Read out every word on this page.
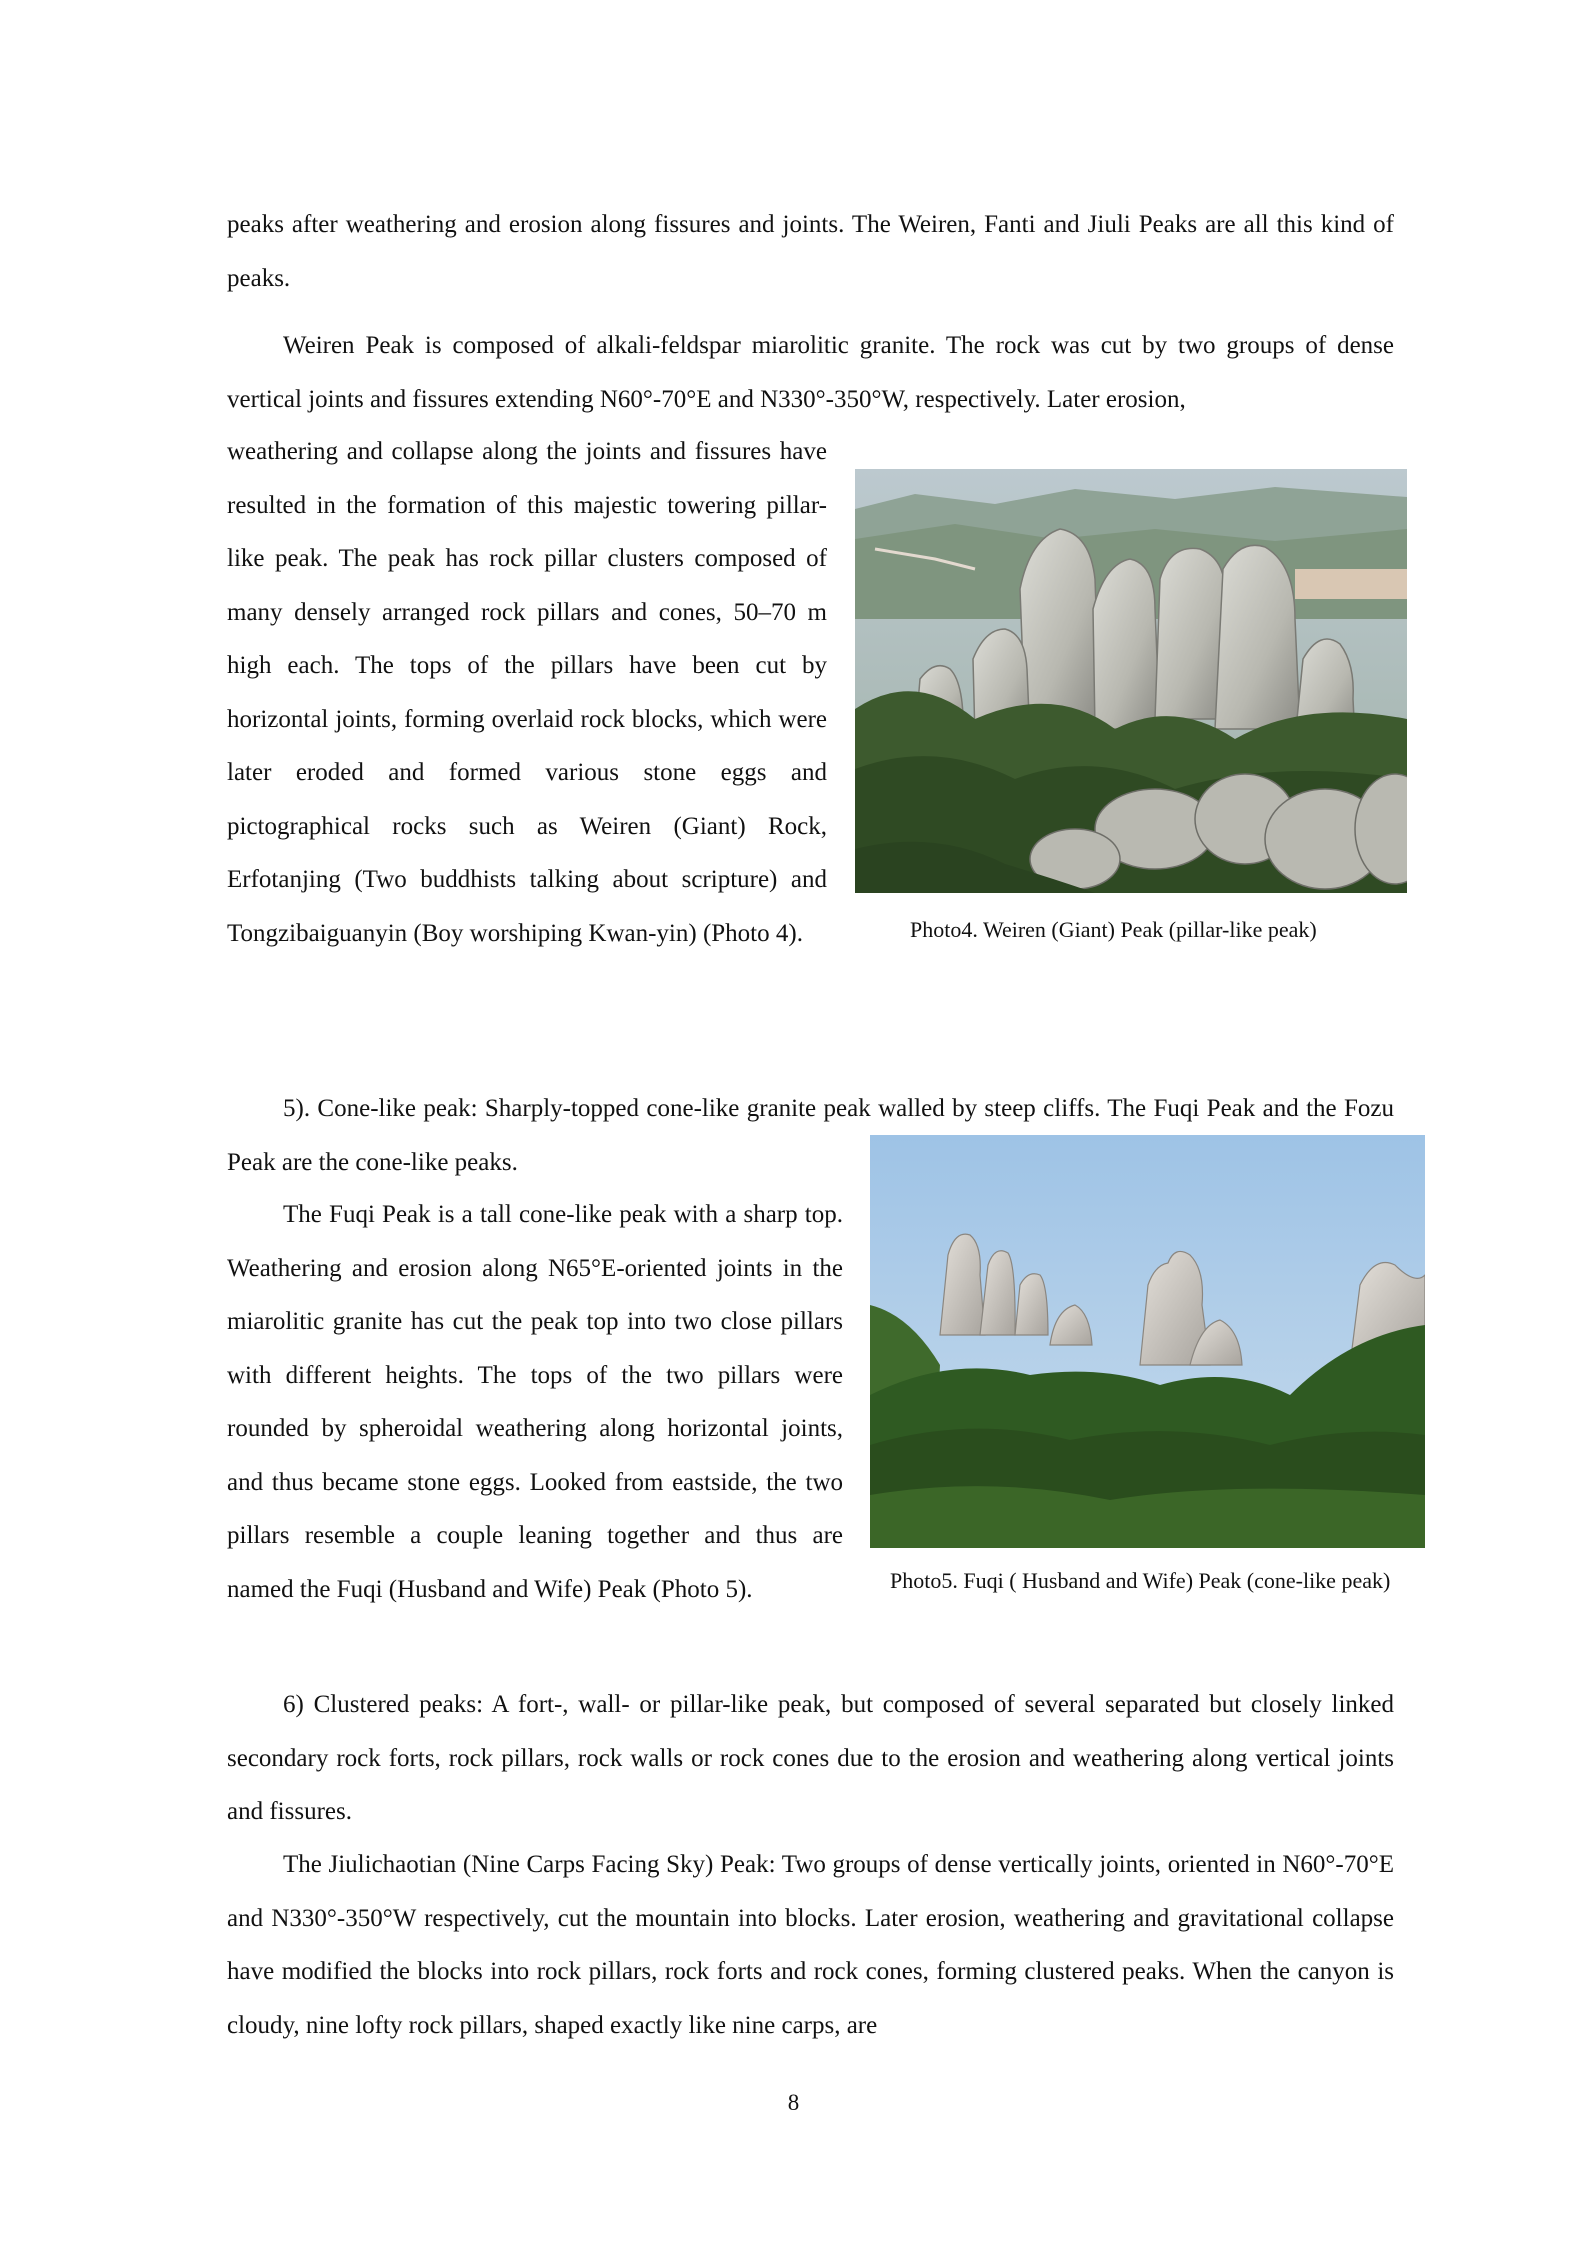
peaks after weathering and erosion along fissures and joints. The Weiren, Fanti and Jiuli Peaks are all this kind of peaks.

Weiren Peak is composed of alkali-feldspar miarolitic granite. The rock was cut by two groups of dense vertical joints and fissures extending N60°-70°E and N330°-350°W, respectively. Later erosion,

weathering and collapse along the joints and fissures have resulted in the formation of this majestic towering pillar-like peak. The peak has rock pillar clusters composed of many densely arranged rock pillars and cones, 50–70 m high each. The tops of the pillars have been cut by horizontal joints, forming overlaid rock blocks, which were later eroded and formed various stone eggs and pictographical rocks such as Weiren (Giant) Rock, Erfotanjing (Two buddhists talking about scripture) and Tongzibaiguanyin (Boy worshiping Kwan-yin) (Photo 4).	Photo4. Weiren (Giant) Peak (pillar-like peak)

5). Cone-like peak: Sharply-topped cone-like granite peak walled by steep cliffs. The Fuqi Peak and the Fozu Peak are the cone-like peaks.

The Fuqi Peak is a tall cone-like peak with a sharp top. Weathering and erosion along N65°E-oriented joints in the miarolitic granite has cut the peak top into two close pillars with different heights. The tops of the two pillars were rounded by spheroidal weathering along horizontal joints, and thus became stone eggs. Looked from eastside, the two pillars resemble a couple leaning together and thus are named the Fuqi (Husband and Wife) Peak (Photo 5).	Photo5. Fuqi ( Husband and Wife) Peak (cone-like peak)

6) Clustered peaks: A fort-, wall- or pillar-like peak, but composed of several separated but closely linked secondary rock forts, rock pillars, rock walls or rock cones due to the erosion and weathering along vertical joints and fissures.

The Jiulichaotian (Nine Carps Facing Sky) Peak: Two groups of dense vertically joints, oriented in N60°-70°E and N330°-350°W respectively, cut the mountain into blocks. Later erosion, weathering and gravitational collapse have modified the blocks into rock pillars, rock forts and rock cones, forming clustered peaks. When the canyon is cloudy, nine lofty rock pillars, shaped exactly like nine carps, are

8
